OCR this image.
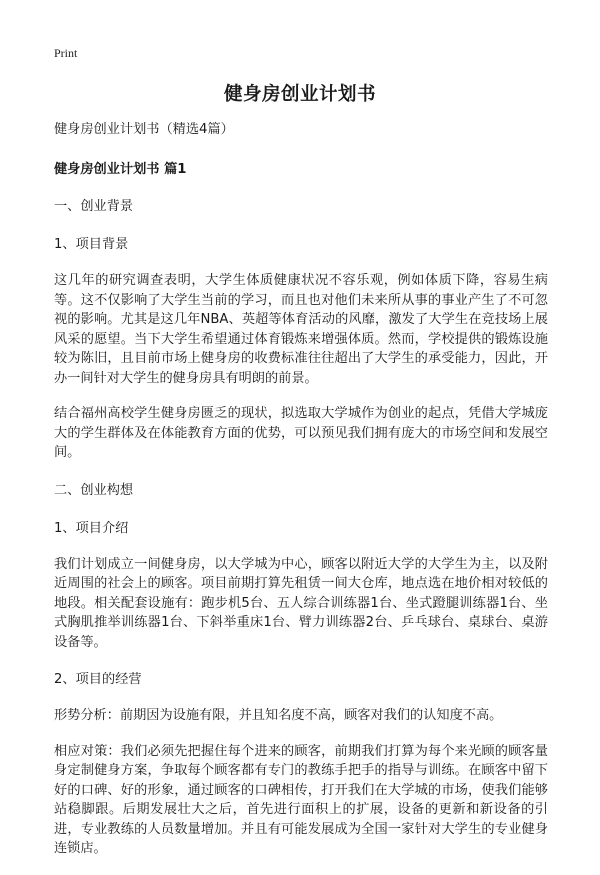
Print
健身房创业计划书

健身房创业计划书（精选4篇）

健身房创业计划书 篇1

一、创业背景

1、项目背景

这几年的研究调查表明，大学生体质健康状况不容乐观，例如体质下降，容易生病等。这不仅影响了大学生当前的学习，而且也对他们未来所从事的事业产生了不可忽视的影响。尤其是这几年NBA、英超等体育活动的风靡，激发了大学生在竞技场上展风采的愿望。当下大学生希望通过体育锻炼来增强体质。然而，学校提供的锻炼设施较为陈旧，且目前市场上健身房的收费标准往往超出了大学生的承受能力，因此，开办一间针对大学生的健身房具有明朗的前景。

结合福州高校学生健身房匮乏的现状，拟选取大学城作为创业的起点，凭借大学城庞大的学生群体及在体能教育方面的优势，可以预见我们拥有庞大的市场空间和发展空间。

二、创业构想

1、项目介绍

我们计划成立一间健身房，以大学城为中心，顾客以附近大学的大学生为主，以及附近周围的社会上的顾客。项目前期打算先租赁一间大仓库，地点选在地价相对较低的地段。相关配套设施有：跑步机5台、五人综合训练器1台、坐式蹬腿训练器1台、坐式胸肌推举训练器1台、下斜举重床1台、臂力训练器2台、乒乓球台、桌球台、桌游设备等。

2、项目的经营

形势分析：前期因为设施有限，并且知名度不高，顾客对我们的认知度不高。

相应对策：我们必须先把握住每个进来的顾客，前期我们打算为每个来光顾的顾客量身定制健身方案，争取每个顾客都有专门的教练手把手的指导与训练。在顾客中留下好的口碑、好的形象，通过顾客的口碑相传，打开我们在大学城的市场，使我们能够站稳脚跟。后期发展壮大之后，首先进行面积上的扩展，设备的更新和新设备的引进，专业教练的人员数量增加。并且有可能发展成为全国一家针对大学生的专业健身连锁店。
